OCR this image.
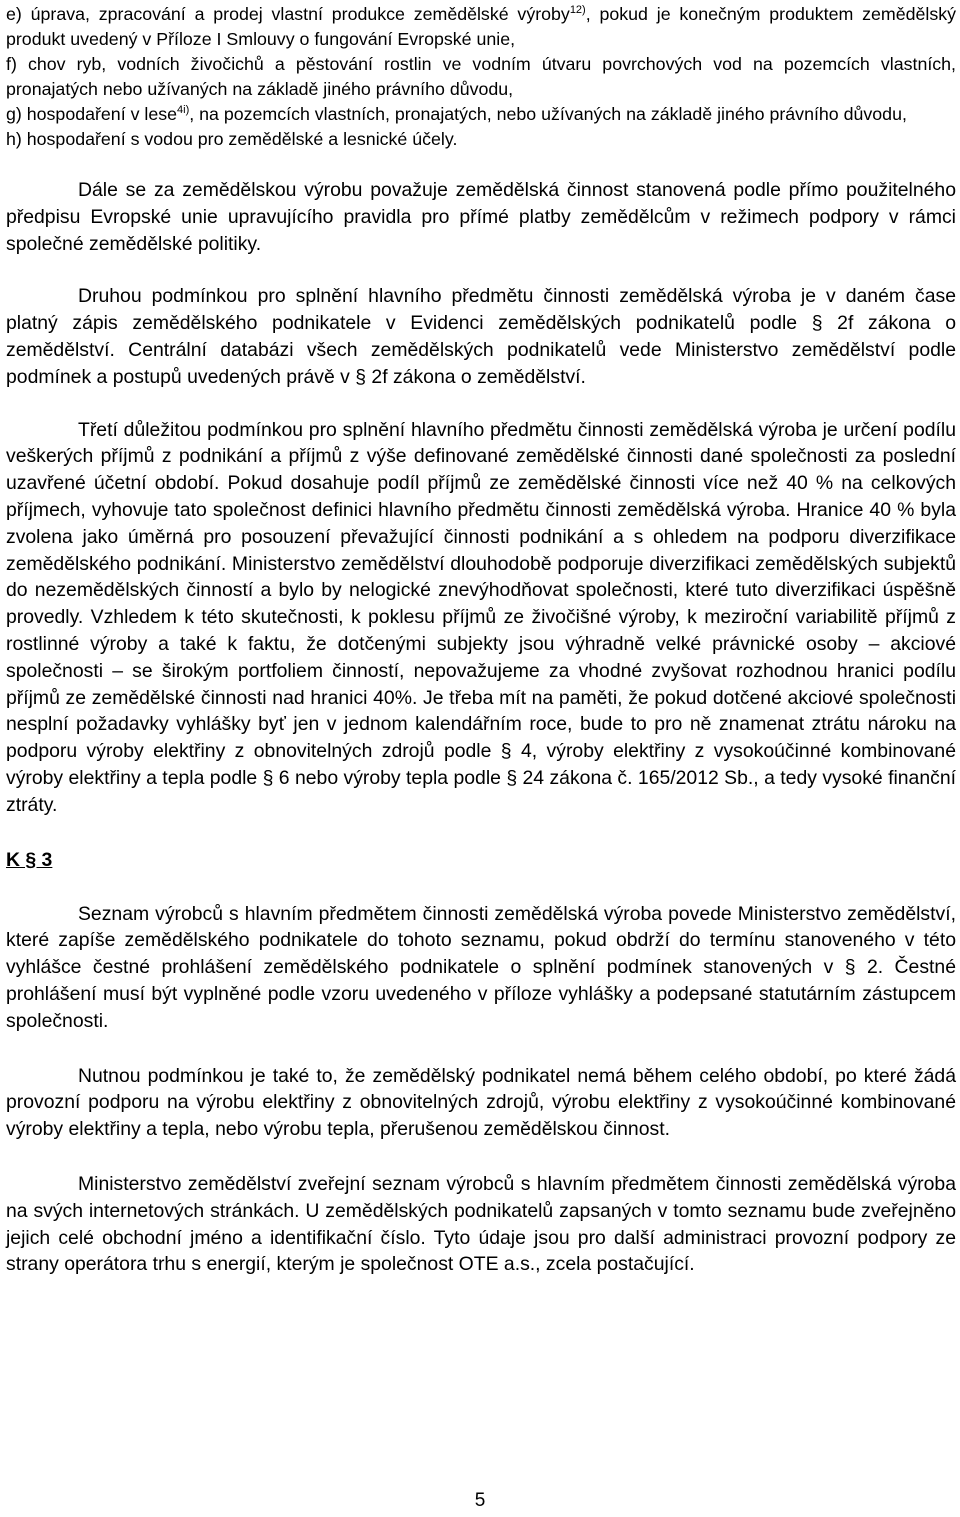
e) úprava, zpracování a prodej vlastní produkce zemědělské výroby$^{12)}$, pokud je konečným produktem zemědělský produkt uvedený v Příloze I Smlouvy o fungování Evropské unie,

f) chov ryb, vodních živočichů a pěstování rostlin ve vodním útvaru povrchových vod na pozemcích vlastních, pronajatých nebo užívaných na základě jiného právního důvodu,

g) hospodaření v lese$^{4i)}$, na pozemcích vlastních, pronajatých, nebo užívaných na základě jiného právního důvodu,

h) hospodaření s vodou pro zemědělské a lesnické účely.

Dále se za zemědělskou výrobu považuje zemědělská činnost stanovená podle přímo použitelného předpisu Evropské unie upravujícího pravidla pro přímé platby zemědělcům v režimech podpory v rámci společné zemědělské politiky.

Druhou podmínkou pro splnění hlavního předmětu činnosti zemědělská výroba je v daném čase platný zápis zemědělského podnikatele v Evidenci zemědělských podnikatelů podle § 2f zákona o zemědělství. Centrální databázi všech zemědělských podnikatelů vede Ministerstvo zemědělství podle podmínek a postupů uvedených právě v § 2f zákona o zemědělství.

Třetí důležitou podmínkou pro splnění hlavního předmětu činnosti zemědělská výroba je určení podílu veškerých příjmů z podnikání a příjmů z výše definované zemědělské činnosti dané společnosti za poslední uzavřené účetní období. Pokud dosahuje podíl příjmů ze zemědělské činnosti více než 40 % na celkových příjmech, vyhovuje tato společnost definici hlavního předmětu činnosti zemědělská výroba. Hranice 40 % byla zvolena jako úměrná pro posouzení převažující činnosti podnikání a s ohledem na podporu diverzifikace zemědělského podnikání. Ministerstvo zemědělství dlouhodobě podporuje diverzifikaci zemědělských subjektů do nezemědělských činností a bylo by nelogické znevýhodňovat společnosti, které tuto diverzifikaci úspěšně provedly. Vzhledem k této skutečnosti, k poklesu příjmů ze živočišné výroby, k meziroční variabilitě příjmů z rostlinné výroby a také k faktu, že dotčenými subjekty jsou výhradně velké právnické osoby – akciové společnosti – se širokým portfoliem činností, nepovažujeme za vhodné zvyšovat rozhodnou hranici podílu příjmů ze zemědělské činnosti nad hranici 40%. Je třeba mít na paměti, že pokud dotčené akciové společnosti nesplní požadavky vyhlášky byť jen v jednom kalendářním roce, bude to pro ně znamenat ztrátu nároku na podporu výroby elektřiny z obnovitelných zdrojů podle § 4, výroby elektřiny z vysokoúčinné kombinované výroby elektřiny a tepla podle § 6 nebo výroby tepla podle § 24 zákona č. 165/2012 Sb., a tedy vysoké finanční ztráty.

K § 3

Seznam výrobců s hlavním předmětem činnosti zemědělská výroba povede Ministerstvo zemědělství, které zapíše zemědělského podnikatele do tohoto seznamu, pokud obdrží do termínu stanoveného v této vyhlášce čestné prohlášení zemědělského podnikatele o splnění podmínek stanovených v § 2. Čestné prohlášení musí být vyplněné podle vzoru uvedeného v příloze vyhlášky a podepsané statutárním zástupcem společnosti.

Nutnou podmínkou je také to, že zemědělský podnikatel nemá během celého období, po které žádá provozní podporu na výrobu elektřiny z obnovitelných zdrojů, výrobu elektřiny z vysokoúčinné kombinované výroby elektřiny a tepla, nebo výrobu tepla, přerušenou zemědělskou činnost.

Ministerstvo zemědělství zveřejní seznam výrobců s hlavním předmětem činnosti zemědělská výroba na svých internetových stránkách. U zemědělských podnikatelů zapsaných v tomto seznamu bude zveřejněno jejich celé obchodní jméno a identifikační číslo. Tyto údaje jsou pro další administraci provozní podpory ze strany operátora trhu s energií, kterým je společnost OTE a.s., zcela postačující.

5
